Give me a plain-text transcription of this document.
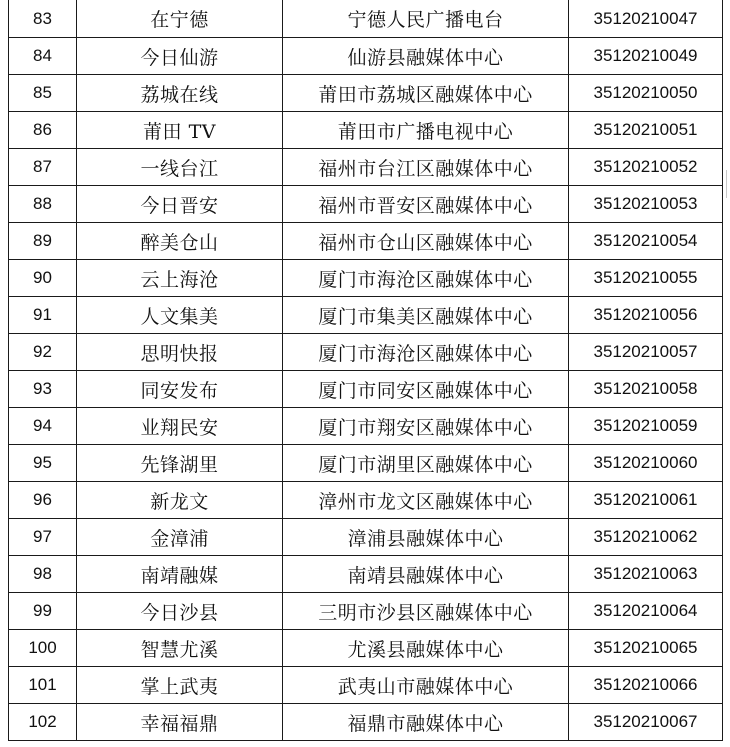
83	在宁德	宁德人民广播电台	35120210047
84	今日仙游	仙游县融媒体中心	35120210049
85	荔城在线	莆田市荔城区融媒体中心	35120210050
86	莆田 TV	莆田市广播电视中心	35120210051
87	一线台江	福州市台江区融媒体中心	35120210052
88	今日晋安	福州市晋安区融媒体中心	35120210053
89	醉美仓山	福州市仓山区融媒体中心	35120210054
90	云上海沧	厦门市海沧区融媒体中心	35120210055
91	人文集美	厦门市集美区融媒体中心	35120210056
92	思明快报	厦门市海沧区融媒体中心	35120210057
93	同安发布	厦门市同安区融媒体中心	35120210058
94	业翔民安	厦门市翔安区融媒体中心	35120210059
95	先锋湖里	厦门市湖里区融媒体中心	35120210060
96	新龙文	漳州市龙文区融媒体中心	35120210061
97	金漳浦	漳浦县融媒体中心	35120210062
98	南靖融媒	南靖县融媒体中心	35120210063
99	今日沙县	三明市沙县区融媒体中心	35120210064
100	智慧尤溪	尤溪县融媒体中心	35120210065
101	掌上武夷	武夷山市融媒体中心	35120210066
102	幸福福鼎	福鼎市融媒体中心	35120210067
